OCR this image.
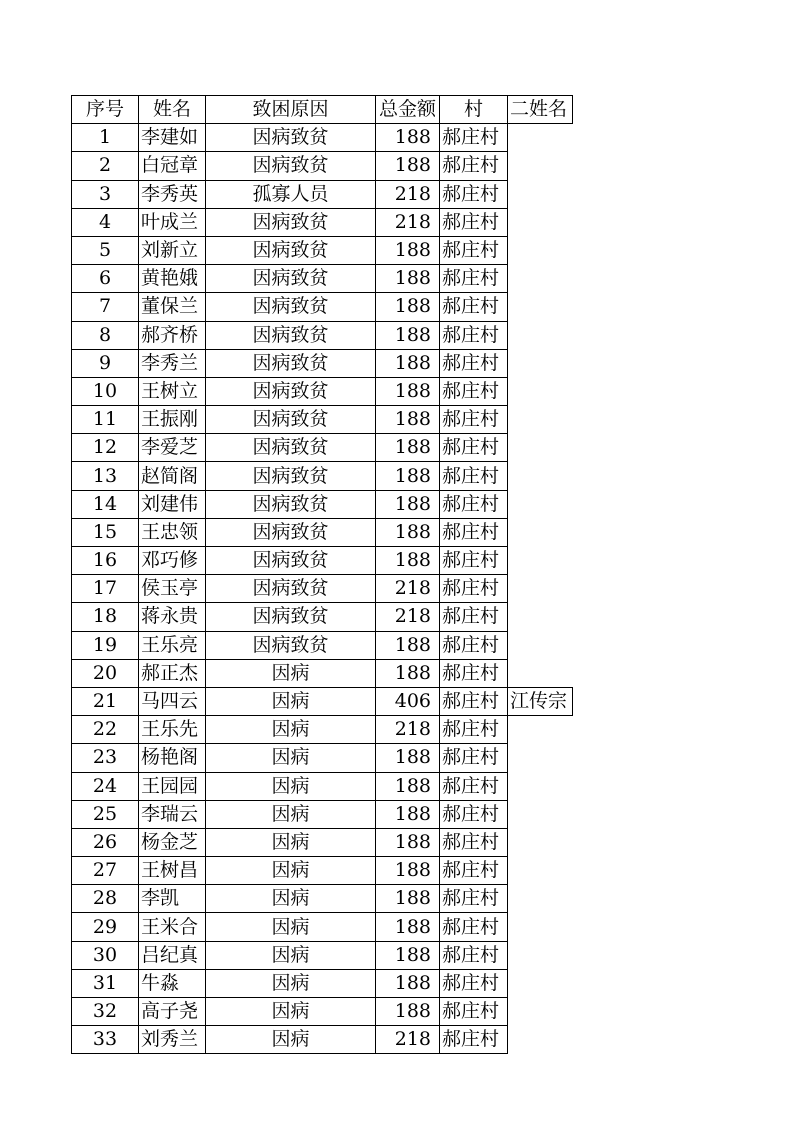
序号	姓名	致困原因	总金额	村	二姓名
1	李建如	因病致贫	188	郝庄村	
2	白冠章	因病致贫	188	郝庄村	
3	李秀英	孤寡人员	218	郝庄村	
4	叶成兰	因病致贫	218	郝庄村	
5	刘新立	因病致贫	188	郝庄村	
6	黄艳娥	因病致贫	188	郝庄村	
7	董保兰	因病致贫	188	郝庄村	
8	郝齐桥	因病致贫	188	郝庄村	
9	李秀兰	因病致贫	188	郝庄村	
10	王树立	因病致贫	188	郝庄村	
11	王振刚	因病致贫	188	郝庄村	
12	李爱芝	因病致贫	188	郝庄村	
13	赵简阁	因病致贫	188	郝庄村	
14	刘建伟	因病致贫	188	郝庄村	
15	王忠领	因病致贫	188	郝庄村	
16	邓巧修	因病致贫	188	郝庄村	
17	侯玉亭	因病致贫	218	郝庄村	
18	蒋永贵	因病致贫	218	郝庄村	
19	王乐亮	因病致贫	188	郝庄村	
20	郝正杰	因病	188	郝庄村	
21	马四云	因病	406	郝庄村	江传宗
22	王乐先	因病	218	郝庄村	
23	杨艳阁	因病	188	郝庄村	
24	王园园	因病	188	郝庄村	
25	李瑞云	因病	188	郝庄村	
26	杨金芝	因病	188	郝庄村	
27	王树昌	因病	188	郝庄村	
28	李凯	因病	188	郝庄村	
29	王米合	因病	188	郝庄村	
30	吕纪真	因病	188	郝庄村	
31	牛淼	因病	188	郝庄村	
32	高子尧	因病	188	郝庄村	
33	刘秀兰	因病	218	郝庄村	
